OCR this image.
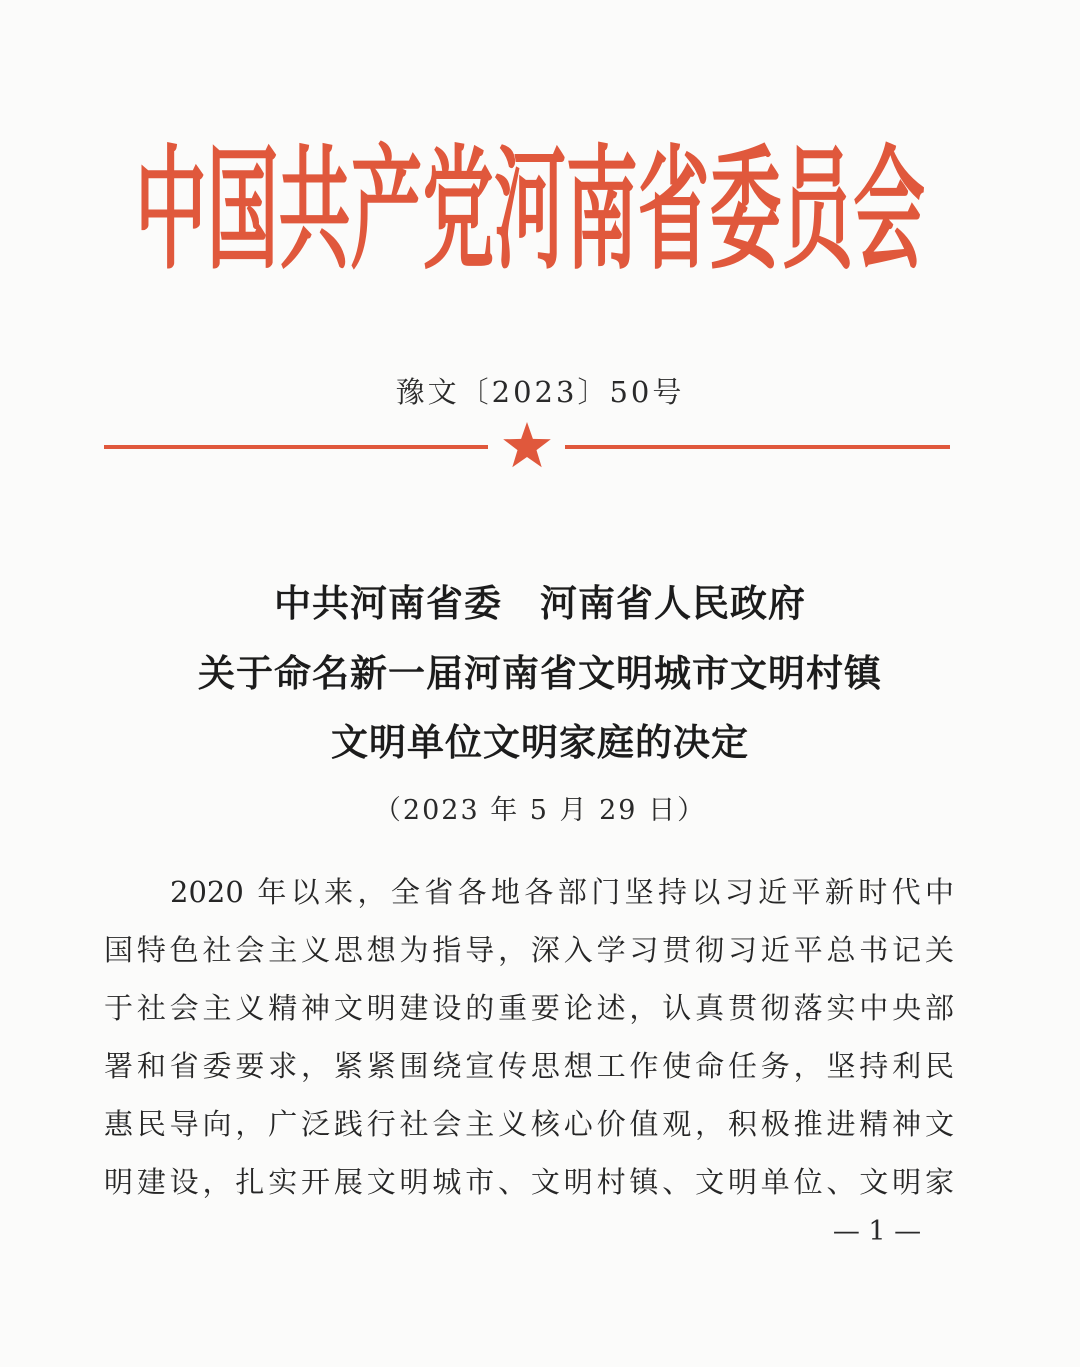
中国共产党河南省委员会
豫文〔2023〕50号
中共河南省委　河南省人民政府
关于命名新一届河南省文明城市文明村镇
文明单位文明家庭的决定
（2023 年 5 月 29 日）
2020 年以来，全省各地各部门坚持以习近平新时代中
国特色社会主义思想为指导，深入学习贯彻习近平总书记关
于社会主义精神文明建设的重要论述，认真贯彻落实中央部
署和省委要求，紧紧围绕宣传思想工作使命任务，坚持利民
惠民导向，广泛践行社会主义核心价值观，积极推进精神文
明建设，扎实开展文明城市、文明村镇、文明单位、文明家
— 1 —
